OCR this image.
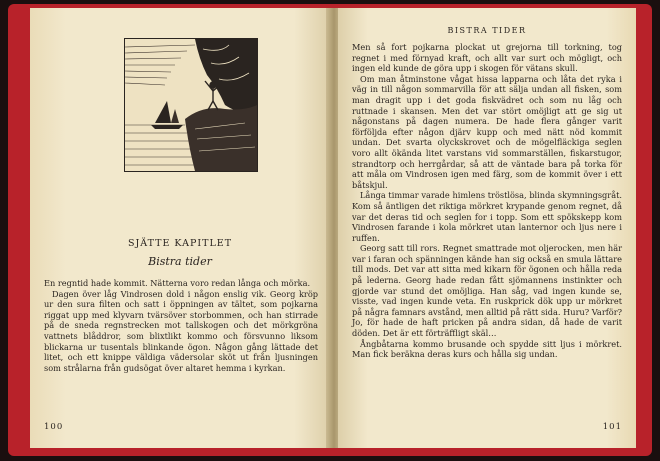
SJÄTTE KAPITLET
Bistra tider

En regntid hade kommit. Nätterna voro redan långa och mörka.

Dagen över låg Vindrosen dold i någon enslig vik. Georg kröp ur den sura filten och satt i öppningen av tältet, som pojkarna riggat upp med klyvarn tvärsöver storbommen, och han stirrade på de sneda regnstrecken mot tallskogen och det mörkgröna vattnets blåddror, som blixtlikt kommo och försvunno liksom blickarna ur tusentals blinkande ögon. Någon gång lättade det litet, och ett knippe väldiga vädersolar sköt ut från ljusningen som strålarna från gudsögat över altaret hemma i kyrkan.

100
BISTRA TIDER

Men så fort pojkarna plockat ut grejorna till torkning, tog regnet i med förnyad kraft, och allt var surt och mögligt, och ingen eld kunde de göra upp i skogen för vätans skull.

Om man åtminstone vågat hissa lapparna och låta det ryka i väg in till någon sommarvilla för att sälja undan all fisken, som man dragit upp i det goda fiskvädret och som nu låg och ruttnade i skansen. Men det var stört omöjligt att ge sig ut någonstans på dagen numera. De hade flera gånger varit förföljda efter någon djärv kupp och med nätt nöd kommit undan. Det svarta olyckskrovet och de mögelfläckiga seglen voro allt ökända litet varstans vid sommarställen, fiskarstugor, strandtorp och herrgårdar, så att de väntade bara på torka för att måla om Vindrosen igen med färg, som de kommit över i ett båtskjul.

Långa timmar varade himlens tröstlösa, blinda skymningsgråt. Kom så äntligen det riktiga mörkret krypande genom regnet, då var det deras tid och seglen for i topp. Som ett spökskepp kom Vindrosen farande i kola mörkret utan lanternor och ljus nere i ruffen.

Georg satt till rors. Regnet smattrade mot oljerocken, men här var i faran och spänningen kände han sig också en smula lättare till mods. Det var att sitta med kikarn för ögonen och hålla reda på lederna. Georg hade redan fått sjömannens instinkter och gjorde var stund det omöjliga. Han såg, vad ingen kunde se, visste, vad ingen kunde veta. En ruskprick dök upp ur mörkret på några famnars avstånd, men alltid på rätt sida. Huru? Varför? Jo, för hade de haft pricken på andra sidan, då hade de varit döden. Det är ett förträffligt skäl…

Ångbåtarna kommo brusande och spydde sitt ljus i mörkret. Man fick beräkna deras kurs och hålla sig undan.

101
